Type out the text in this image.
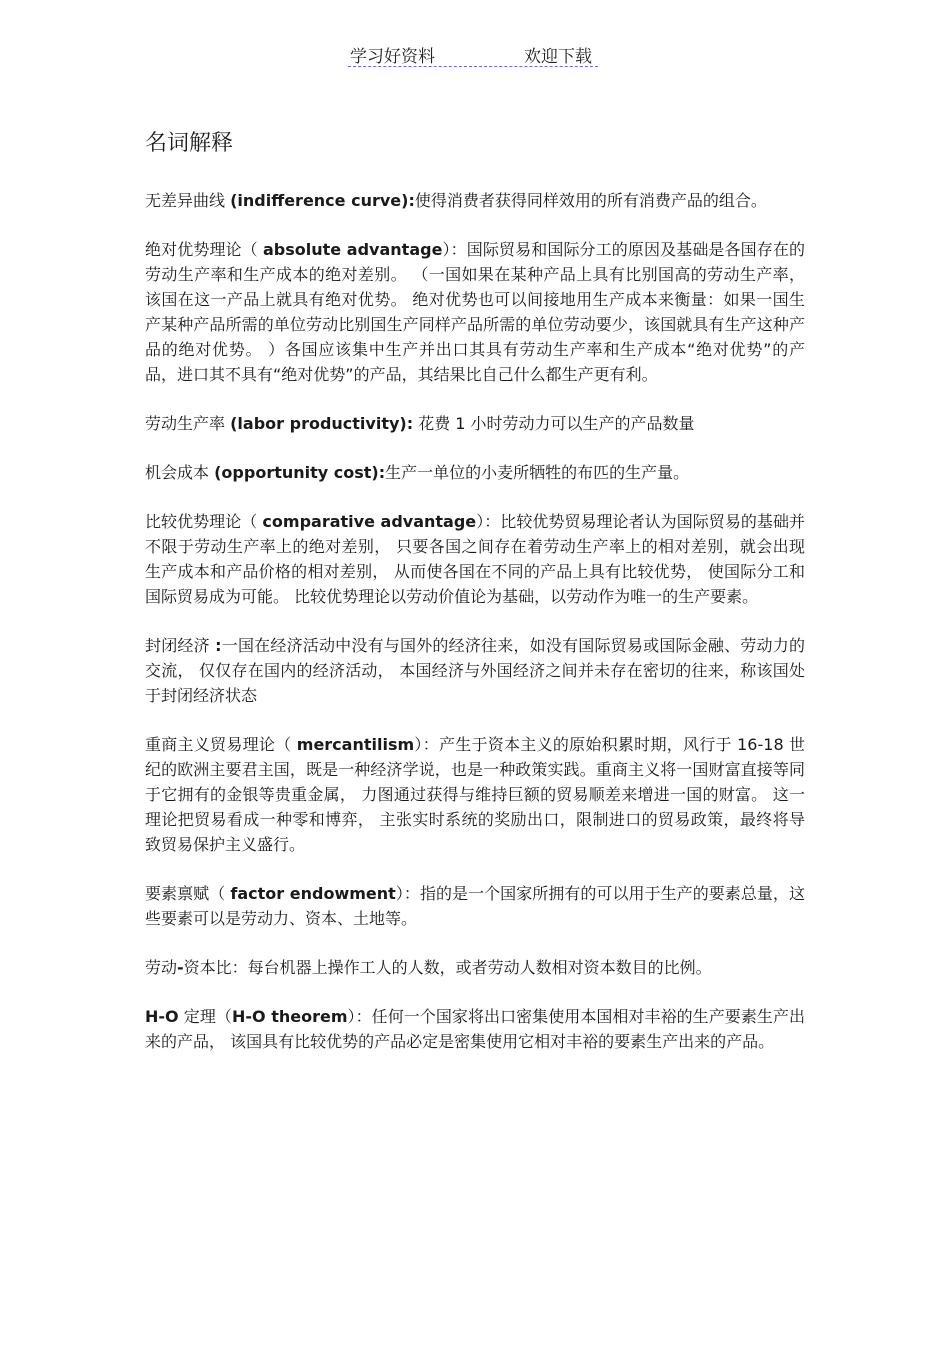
学习好资料	欢迎下载
名词解释

无差异曲线 (indifference curve):使得消费者获得同样效用的所有消费产品的组合。

绝对优势理论（ absolute advantage）：国际贸易和国际分工的原因及基础是各国存在的劳动生产率和生产成本的绝对差别。 （一国如果在某种产品上具有比别国高的劳动生产率， 该国在这一产品上就具有绝对优势。 绝对优势也可以间接地用生产成本来衡量：如果一国生产某种产品所需的单位劳动比别国生产同样产品所需的单位劳动要少，该国就具有生产这种产品的绝对优势。 ）各国应该集中生产并出口其具有劳动生产率和生产成本“绝对优势”的产品，进口其不具有“绝对优势”的产品，其结果比自己什么都生产更有利。

劳动生产率 (labor productivity): 花费 1 小时劳动力可以生产的产品数量

机会成本 (opportunity cost):生产一单位的小麦所牺牲的布匹的生产量。

比较优势理论（ comparative advantage）：比较优势贸易理论者认为国际贸易的基础并不限于劳动生产率上的绝对差别， 只要各国之间存在着劳动生产率上的相对差别，就会出现生产成本和产品价格的相对差别， 从而使各国在不同的产品上具有比较优势， 使国际分工和国际贸易成为可能。 比较优势理论以劳动价值论为基础，以劳动作为唯一的生产要素。

封闭经济 :一国在经济活动中没有与国外的经济往来，如没有国际贸易或国际金融、劳动力的交流， 仅仅存在国内的经济活动， 本国经济与外国经济之间并未存在密切的往来，称该国处于封闭经济状态

重商主义贸易理论（ mercantilism）：产生于资本主义的原始积累时期，风行于 16-18 世纪的欧洲主要君主国，既是一种经济学说，也是一种政策实践。重商主义将一国财富直接等同于它拥有的金银等贵重金属， 力图通过获得与维持巨额的贸易顺差来增进一国的财富。 这一理论把贸易看成一种零和博弈， 主张实时系统的奖励出口，限制进口的贸易政策，最终将导致贸易保护主义盛行。

要素禀赋（ factor endowment）：指的是一个国家所拥有的可以用于生产的要素总量，这些要素可以是劳动力、资本、土地等。

劳动-资本比：每台机器上操作工人的人数，或者劳动人数相对资本数目的比例。

H-O 定理（H-O theorem）：任何一个国家将出口密集使用本国相对丰裕的生产要素生产出来的产品， 该国具有比较优势的产品必定是密集使用它相对丰裕的要素生产出来的产品。
